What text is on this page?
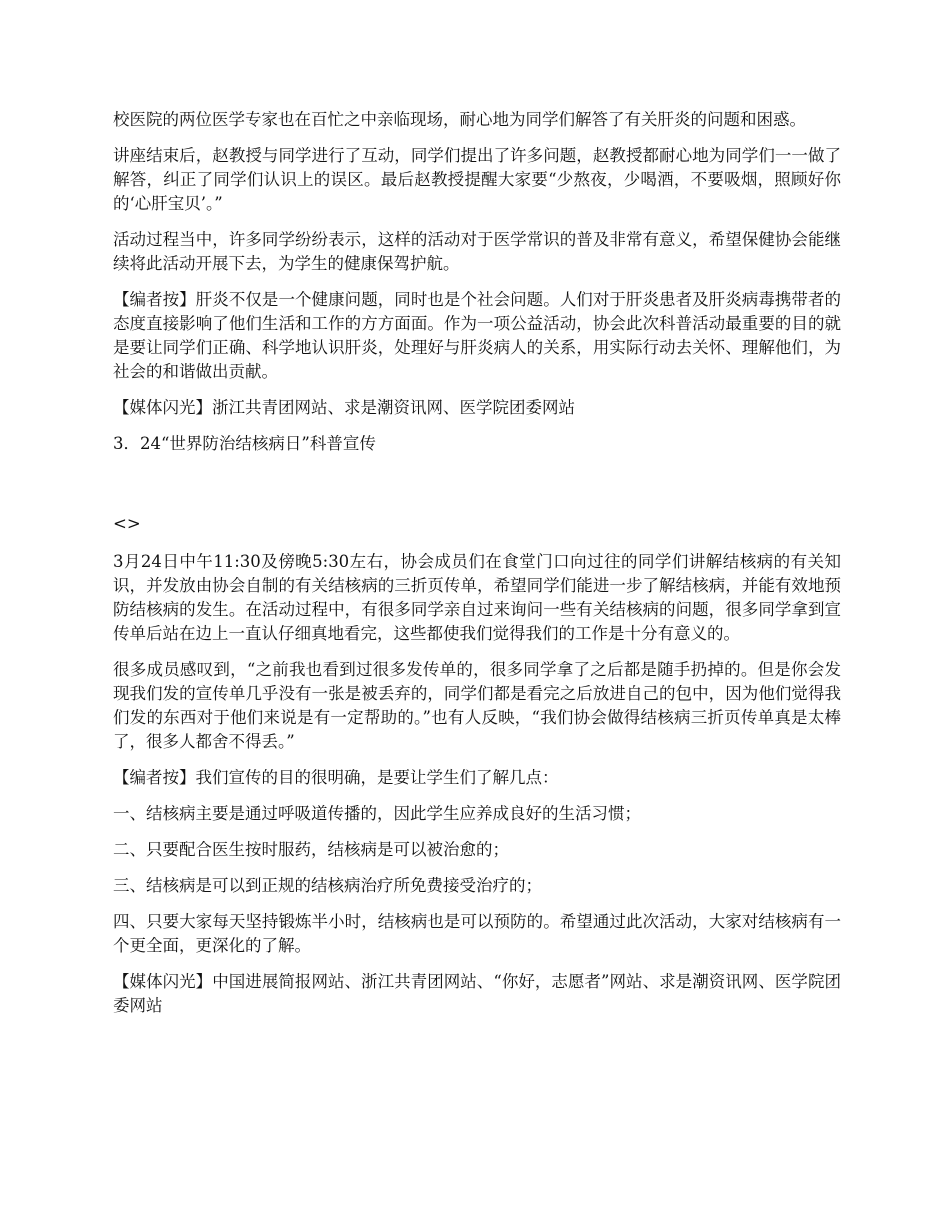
校医院的两位医学专家也在百忙之中亲临现场，耐心地为同学们解答了有关肝炎的问题和困惑。

讲座结束后，赵教授与同学进行了互动，同学们提出了许多问题，赵教授都耐心地为同学们一一做了解答，纠正了同学们认识上的误区。最后赵教授提醒大家要“少熬夜，少喝酒，不要吸烟，照顾好你的‘心肝宝贝’。”

活动过程当中，许多同学纷纷表示，这样的活动对于医学常识的普及非常有意义，希望保健协会能继续将此活动开展下去，为学生的健康保驾护航。

【编者按】肝炎不仅是一个健康问题，同时也是个社会问题。人们对于肝炎患者及肝炎病毒携带者的态度直接影响了他们生活和工作的方方面面。作为一项公益活动，协会此次科普活动最重要的目的就是要让同学们正确、科学地认识肝炎，处理好与肝炎病人的关系，用实际行动去关怀、理解他们，为社会的和谐做出贡献。

【媒体闪光】浙江共青团网站、求是潮资讯网、医学院团委网站

3．24“世界防治结核病日”科普宣传

<>

3月24日中午11:30及傍晚5:30左右，协会成员们在食堂门口向过往的同学们讲解结核病的有关知识，并发放由协会自制的有关结核病的三折页传单，希望同学们能进一步了解结核病，并能有效地预防结核病的发生。在活动过程中，有很多同学亲自过来询问一些有关结核病的问题，很多同学拿到宣传单后站在边上一直认仔细真地看完，这些都使我们觉得我们的工作是十分有意义的。

很多成员感叹到，“之前我也看到过很多发传单的，很多同学拿了之后都是随手扔掉的。但是你会发现我们发的宣传单几乎没有一张是被丢弃的，同学们都是看完之后放进自己的包中，因为他们觉得我们发的东西对于他们来说是有一定帮助的。”也有人反映，“我们协会做得结核病三折页传单真是太棒了，很多人都舍不得丢。”

【编者按】我们宣传的目的很明确，是要让学生们了解几点：

一、结核病主要是通过呼吸道传播的，因此学生应养成良好的生活习惯；

二、只要配合医生按时服药，结核病是可以被治愈的；

三、结核病是可以到正规的结核病治疗所免费接受治疗的；

四、只要大家每天坚持锻炼半小时，结核病也是可以预防的。希望通过此次活动，大家对结核病有一个更全面，更深化的了解。

【媒体闪光】中国进展简报网站、浙江共青团网站、“你好，志愿者”网站、求是潮资讯网、医学院团委网站
